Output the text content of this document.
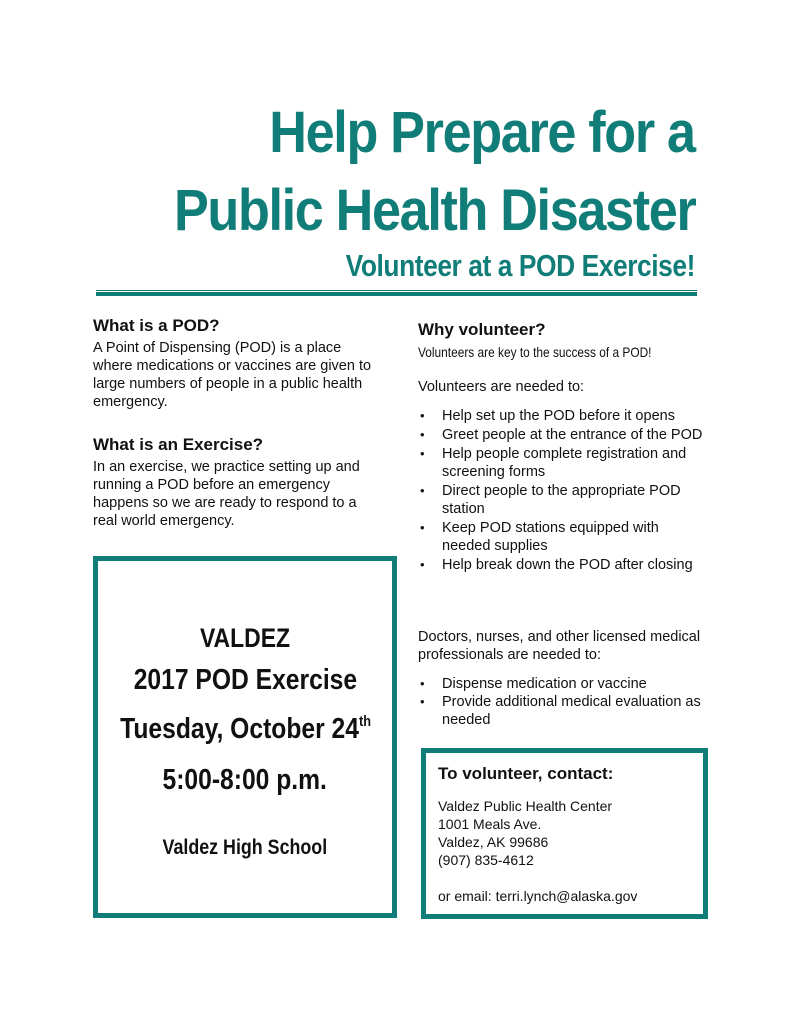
Help Prepare for a
Public Health Disaster
Volunteer at a POD Exercise!
What is a POD?

A Point of Dispensing (POD) is a place where medications or vaccines are given to large numbers of people in a public health emergency.

What is an Exercise?

In an exercise, we practice setting up and running a POD before an emergency happens so we are ready to respond to a real world emergency.

Why volunteer?

Volunteers are key to the success of a POD!

Volunteers are needed to:

• Help set up the POD before it opens
• Greet people at the entrance of the POD
• Help people complete registration and screening forms
• Direct people to the appropriate POD station
• Keep POD stations equipped with needed supplies
• Help break down the POD after closing

Doctors, nurses, and other licensed medical professionals are needed to:

• Dispense medication or vaccine
• Provide additional medical evaluation as needed

VALDEZ

2017 POD Exercise

Tuesday, October 24th

5:00-8:00 p.m.

Valdez High School

To volunteer, contact:
Valdez Public Health Center
1001 Meals Ave.
Valdez, AK 99686
(907) 835-4612

or email: terri.lynch@alaska.gov
